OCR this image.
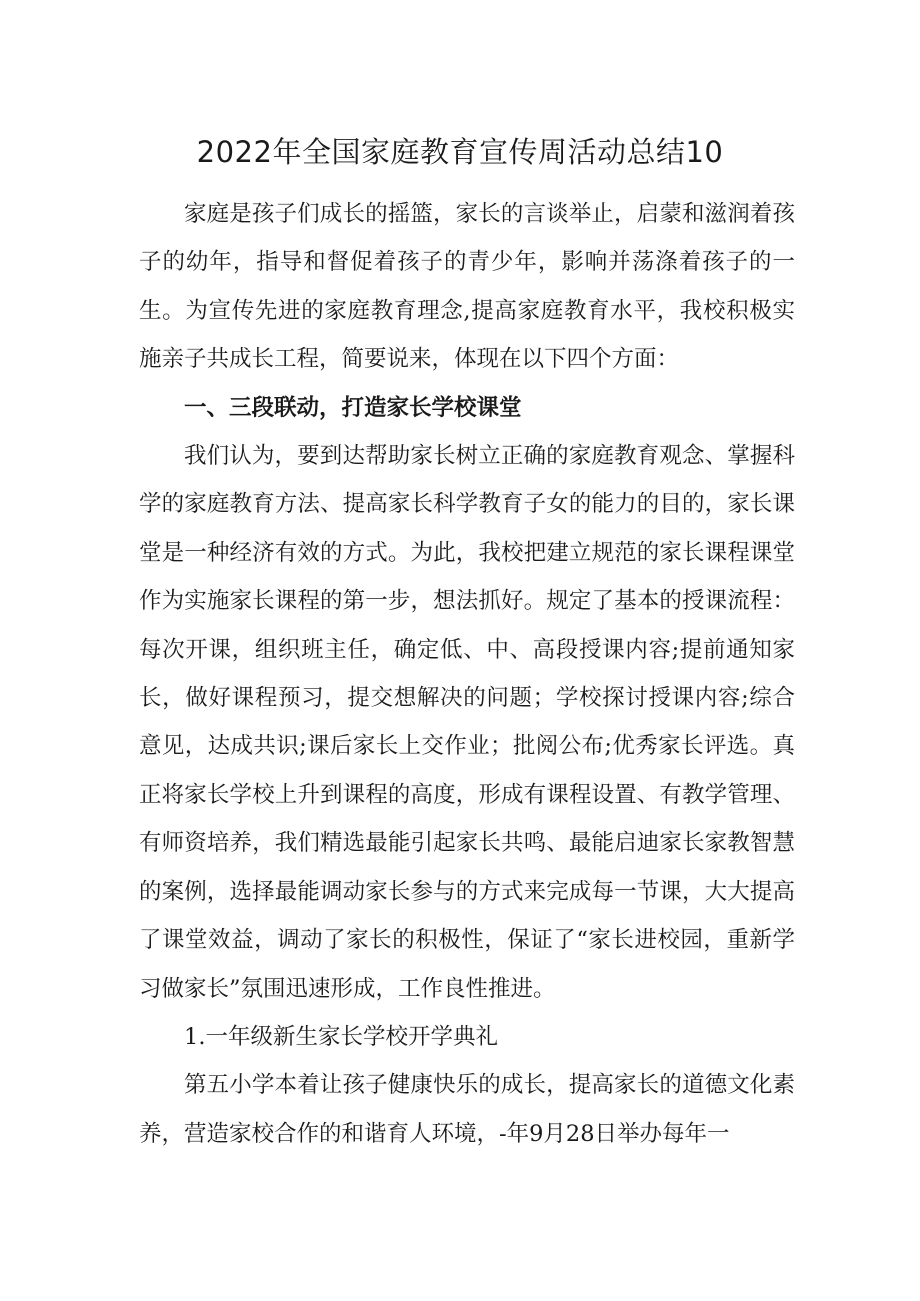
2022年全国家庭教育宣传周活动总结10

家庭是孩子们成长的摇篮，家长的言谈举止，启蒙和滋润着孩子的幼年，指导和督促着孩子的青少年，影响并荡涤着孩子的一生。为宣传先进的家庭教育理念,提高家庭教育水平，我校积极实施亲子共成长工程，简要说来，体现在以下四个方面：

一、三段联动，打造家长学校课堂

我们认为，要到达帮助家长树立正确的家庭教育观念、掌握科学的家庭教育方法、提高家长科学教育子女的能力的目的，家长课堂是一种经济有效的方式。为此，我校把建立规范的家长课程课堂作为实施家长课程的第一步，想法抓好。规定了基本的授课流程：每次开课，组织班主任，确定低、中、高段授课内容;提前通知家长，做好课程预习，提交想解决的问题；学校探讨授课内容;综合意见，达成共识;课后家长上交作业；批阅公布;优秀家长评选。真正将家长学校上升到课程的高度，形成有课程设置、有教学管理、有师资培养，我们精选最能引起家长共鸣、最能启迪家长家教智慧的案例，选择最能调动家长参与的方式来完成每一节课，大大提高了课堂效益，调动了家长的积极性，保证了“家长进校园，重新学习做家长”氛围迅速形成，工作良性推进。

1.一年级新生家长学校开学典礼

第五小学本着让孩子健康快乐的成长，提高家长的道德文化素养，营造家校合作的和谐育人环境，-年9月28日举办每年一
